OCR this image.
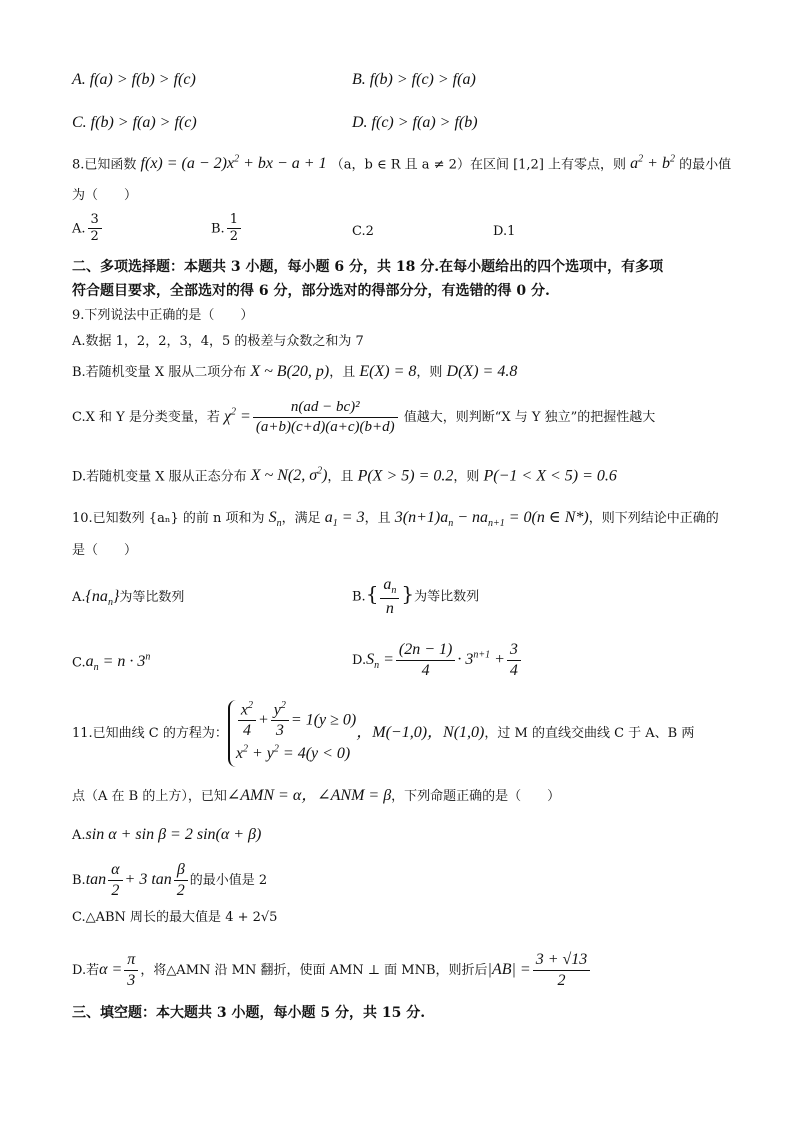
A. f(a) > f(b) > f(c)	B. f(b) > f(c) > f(a)
C. f(b) > f(a) > f(c)	D. f(c) > f(a) > f(b)
8.已知函数 $f(x) = (a - 2)x^2$ + bx − a + 1 （a，b ∈ R 且 a ≠ 2）在区间 [1,2] 上有零点，则 $a^2 + b^2$ 的最小值
为（　　）
A. $\frac{3}{2}$	B. $\frac{1}{2}$	C.2	D.1
二、多项选择题：本题共 3 小题，每小题 6 分，共 18 分.在每小题给出的四个选项中，有多项
符合题目要求，全部选对的得 6 分，部分选对的得部分分，有选错的得 0 分.
9.下列说法中正确的是（　　）
A.数据 1，2，2，3，4，5 的极差与众数之和为 7
B.若随机变量 X 服从二项分布 X ~ B(20, p)，且 E(X) = 8，则 D(X) = 4.8
C.X 和 Y 是分类变量，若 $\chi^2 = \frac{\text{n(ad − bc)²}}{(a+b)(c+d)(a+c)(b+d)}$ 值越大，则判断“X 与 Y 独立”的把握性越大
D.若随机变量 X 服从正态分布 X ~ N(2, $\sigma^2$)，且 P(X > 5) = 0.2，则 P(−1 < X < 5) = 0.6
10.已知数列 {aₙ} 的前 n 项和为 $S_n$，满足 $a_1 = 3$，且 $3(n+1)a_n - na_{n+1} = 0(n$ ∈ N*)，则下列结论中正确的
是（　　）
$A.\{na_n\}$为等比数列	$B.\{ \frac{a_n}{n}$ }为等比数列
$C.a_n = n \cdot 3^n$	$D.S_n = \frac{(2n - 1)}{4} \cdot 3^{n+1} + \frac{3}{4}$
11.已知曲线 C 的方程为： $\frac{x^2}{4} + \frac{y^2}{3} = 1(y \ge 0)$
$x^2 + y^2 = 4(y < 0)$
，M(−1,0)，N(1,0)，过 M 的直线交曲线 C 于 A、B 两
点（A 在 B 的上方），已知∠AMN = α，∠ANM = β，下列命题正确的是（　　）
A.sin α + sin β = 2 sin(α + β)
$B.\tan \frac{\alpha}{2} + 3$ $\tan \frac{\beta}{2}$ 的最小值是 2
C.△ABN 周长的最大值是 4 + 2√5
D.若$\alpha = \frac{\pi}{3}$ ，将△AMN 沿 MN 翻折，使面 AMN ⊥ 面 MNB，则折后$|AB| = \frac{3 + √13}{2}$
三、填空题：本大题共 3 小题，每小题 5 分，共 15 分.
